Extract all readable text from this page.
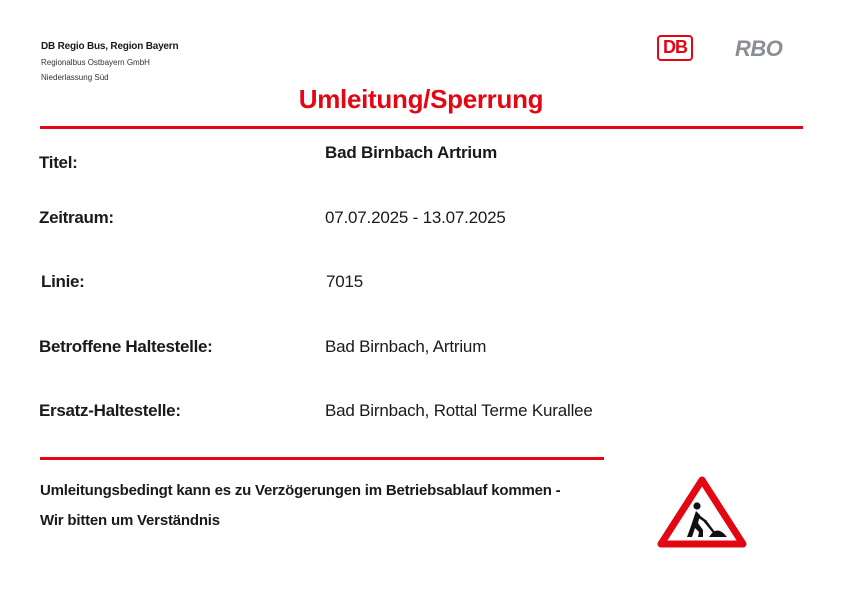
DB Regio Bus, Region Bayern
Regionalbus Ostbayern GmbH
Niederlassung Süd
DB RBO
Umleitung/Sperrung
Titel:
Bad Birnbach Artrium
Zeitraum:	07.07.2025 - 13.07.2025
Linie:	7015
Betroffene Haltestelle:	Bad Birnbach, Artrium
Ersatz-Haltestelle:	Bad Birnbach, Rottal Terme Kurallee
Umleitungsbedingt kann es zu Verzögerungen im Betriebsablauf kommen -
Wir bitten um Verständnis
